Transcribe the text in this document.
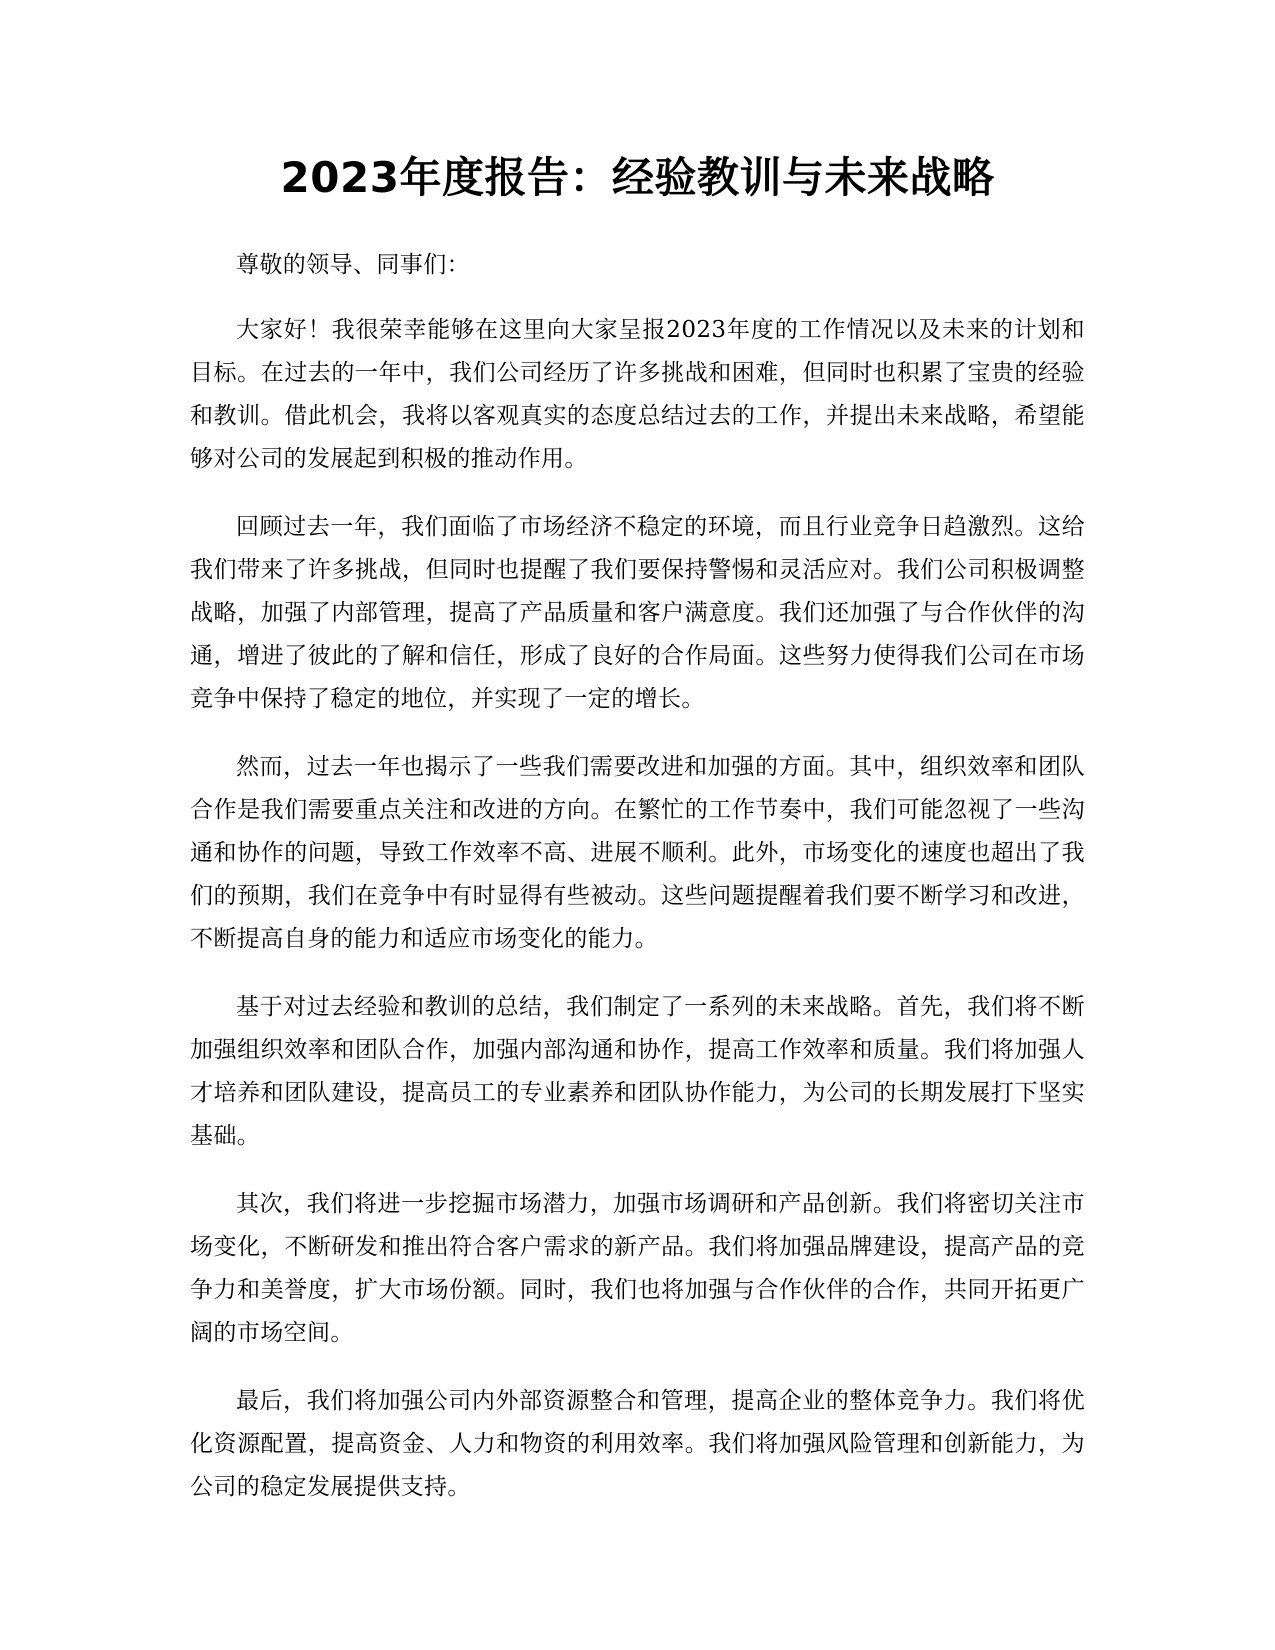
2023年度报告：经验教训与未来战略

尊敬的领导、同事们：

大家好！我很荣幸能够在这里向大家呈报2023年度的工作情况以及未来的计划和目标。在过去的一年中，我们公司经历了许多挑战和困难，但同时也积累了宝贵的经验和教训。借此机会，我将以客观真实的态度总结过去的工作，并提出未来战略，希望能够对公司的发展起到积极的推动作用。

回顾过去一年，我们面临了市场经济不稳定的环境，而且行业竞争日趋激烈。这给我们带来了许多挑战，但同时也提醒了我们要保持警惕和灵活应对。我们公司积极调整战略，加强了内部管理，提高了产品质量和客户满意度。我们还加强了与合作伙伴的沟通，增进了彼此的了解和信任，形成了良好的合作局面。这些努力使得我们公司在市场竞争中保持了稳定的地位，并实现了一定的增长。

然而，过去一年也揭示了一些我们需要改进和加强的方面。其中，组织效率和团队合作是我们需要重点关注和改进的方向。在繁忙的工作节奏中，我们可能忽视了一些沟通和协作的问题，导致工作效率不高、进展不顺利。此外，市场变化的速度也超出了我们的预期，我们在竞争中有时显得有些被动。这些问题提醒着我们要不断学习和改进，不断提高自身的能力和适应市场变化的能力。

基于对过去经验和教训的总结，我们制定了一系列的未来战略。首先，我们将不断加强组织效率和团队合作，加强内部沟通和协作，提高工作效率和质量。我们将加强人才培养和团队建设，提高员工的专业素养和团队协作能力，为公司的长期发展打下坚实基础。

其次，我们将进一步挖掘市场潜力，加强市场调研和产品创新。我们将密切关注市场变化，不断研发和推出符合客户需求的新产品。我们将加强品牌建设，提高产品的竞争力和美誉度，扩大市场份额。同时，我们也将加强与合作伙伴的合作，共同开拓更广阔的市场空间。

最后，我们将加强公司内外部资源整合和管理，提高企业的整体竞争力。我们将优化资源配置，提高资金、人力和物资的利用效率。我们将加强风险管理和创新能力，为公司的稳定发展提供支持。
